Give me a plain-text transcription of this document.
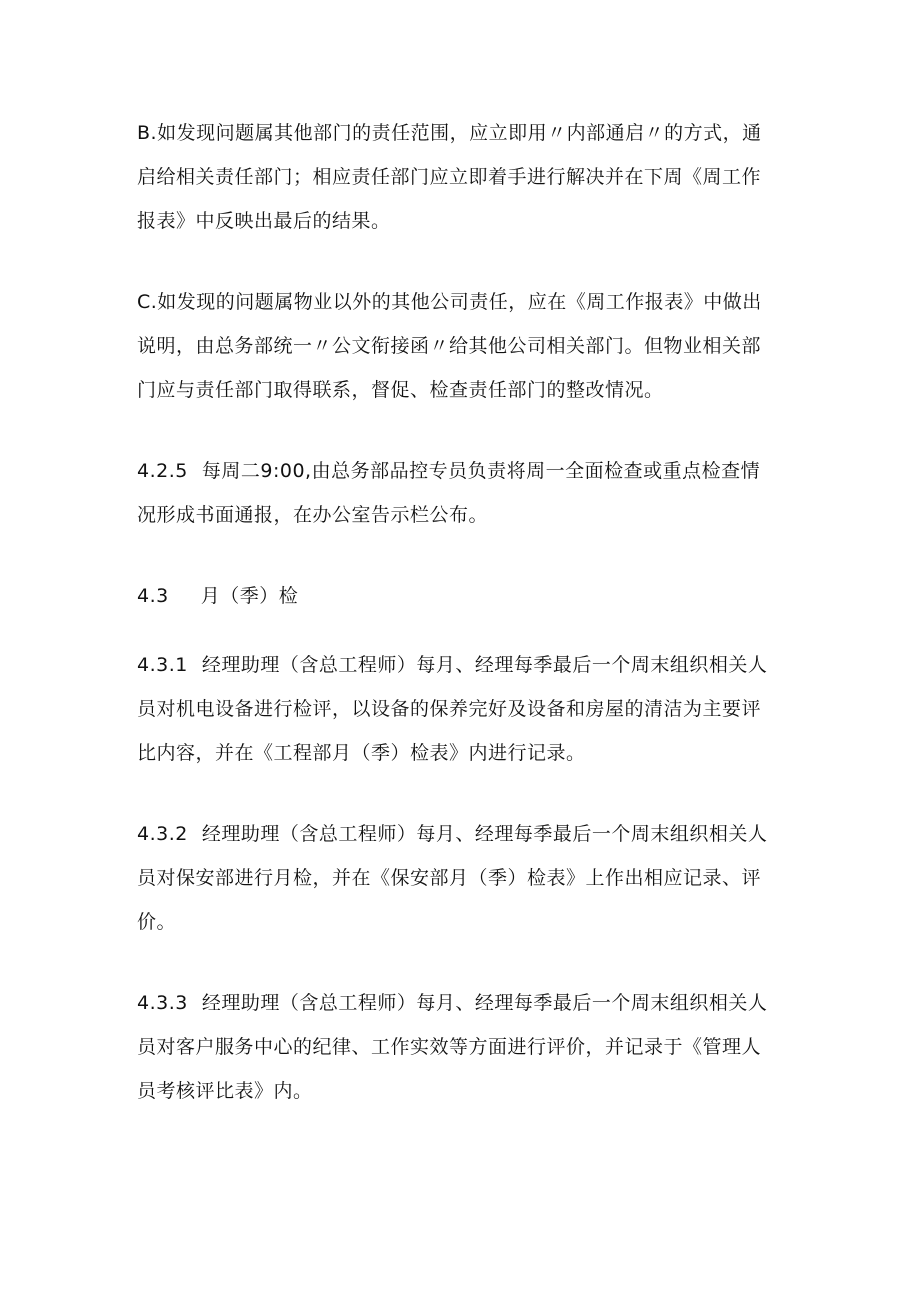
B.如发现问题属其他部门的责任范围，应立即用〃内部通启〃的方式，通
启给相关责任部门；相应责任部门应立即着手进行解决并在下周《周工作
报表》中反映出最后的结果。
C.如发现的问题属物业以外的其他公司责任，应在《周工作报表》中做出
说明，由总务部统一〃公文衔接函〃给其他公司相关部门。但物业相关部
门应与责任部门取得联系，督促、检查责任部门的整改情况。
4.2.5 每周二9:00,由总务部品控专员负责将周一全面检查或重点检查情
况形成书面通报，在办公室告示栏公布。
4.3 月（季）检
4.3.1 经理助理（含总工程师）每月、经理每季最后一个周末组织相关人
员对机电设备进行检评，以设备的保养完好及设备和房屋的清洁为主要评
比内容，并在《工程部月（季）检表》内进行记录。
4.3.2 经理助理（含总工程师）每月、经理每季最后一个周末组织相关人
员对保安部进行月检，并在《保安部月（季）检表》上作出相应记录、评
价。
4.3.3 经理助理（含总工程师）每月、经理每季最后一个周末组织相关人
员对客户服务中心的纪律、工作实效等方面进行评价，并记录于《管理人
员考核评比表》内。
